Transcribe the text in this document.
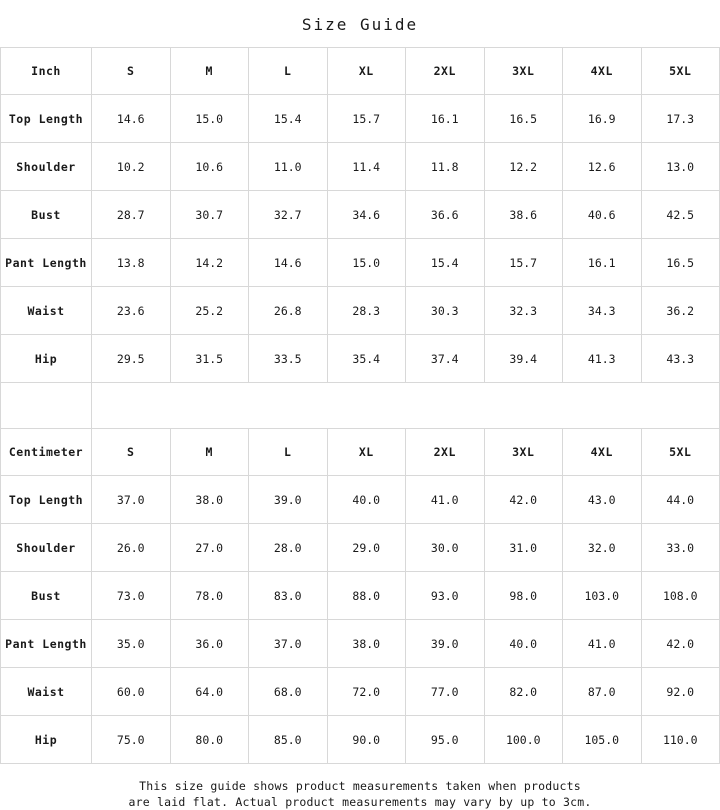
Size Guide
Inch	S	M	L	XL	2XL	3XL	4XL	5XL
Top Length	14.6	15.0	15.4	15.7	16.1	16.5	16.9	17.3
Shoulder	10.2	10.6	11.0	11.4	11.8	12.2	12.6	13.0
Bust	28.7	30.7	32.7	34.6	36.6	38.6	40.6	42.5
Pant Length	13.8	14.2	14.6	15.0	15.4	15.7	16.1	16.5
Waist	23.6	25.2	26.8	28.3	30.3	32.3	34.3	36.2
Hip	29.5	31.5	33.5	35.4	37.4	39.4	41.3	43.3
Centimeter	S	M	L	XL	2XL	3XL	4XL	5XL
Top Length	37.0	38.0	39.0	40.0	41.0	42.0	43.0	44.0
Shoulder	26.0	27.0	28.0	29.0	30.0	31.0	32.0	33.0
Bust	73.0	78.0	83.0	88.0	93.0	98.0	103.0	108.0
Pant Length	35.0	36.0	37.0	38.0	39.0	40.0	41.0	42.0
Waist	60.0	64.0	68.0	72.0	77.0	82.0	87.0	92.0
Hip	75.0	80.0	85.0	90.0	95.0	100.0	105.0	110.0
This size guide shows product measurements taken when products
are laid flat. Actual product measurements may vary by up to 3cm.
